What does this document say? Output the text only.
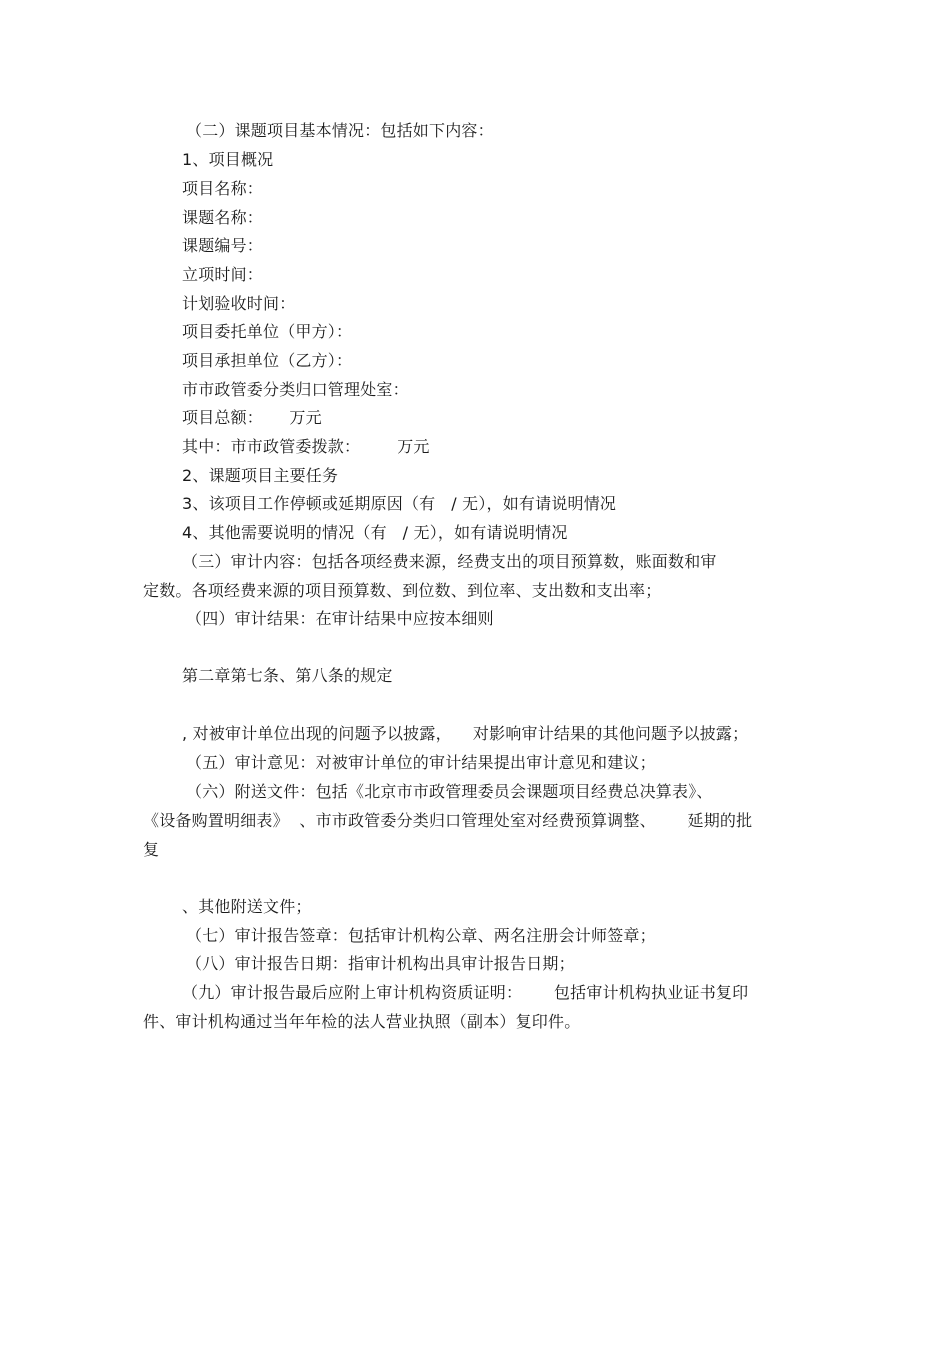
（二）课题项目基本情况：包括如下内容：
1、项目概况
项目名称：
课题名称：
课题编号：
立项时间：
计划验收时间：
项目委托单位（甲方）：
项目承担单位（乙方）：
市市政管委分类归口管理处室：
项目总额：     万元
其中：市市政管委拨款：       万元
2、课题项目主要任务
3、该项目工作停顿或延期原因（有   / 无），如有请说明情况
4、其他需要说明的情况（有   / 无），如有请说明情况
（三）审计内容：包括各项经费来源，经费支出的项目预算数，账面数和审
定数。各项经费来源的项目预算数、到位数、到位率、支出数和支出率；
（四）审计结果：在审计结果中应按本细则
第二章第七条、第八条的规定
, 对被审计单位出现的问题予以披露，    对影响审计结果的其他问题予以披露；
（五）审计意见：对被审计单位的审计结果提出审计意见和建议；
（六）附送文件：包括《北京市市政管理委员会课题项目经费总决算表》、
《设备购置明细表》  、市市政管委分类归口管理处室对经费预算调整、      延期的批
复
、其他附送文件；
（七）审计报告签章：包括审计机构公章、两名注册会计师签章；
（八）审计报告日期：指审计机构出具审计报告日期；
（九）审计报告最后应附上审计机构资质证明：      包括审计机构执业证书复印
件、审计机构通过当年年检的法人营业执照（副本）复印件。
